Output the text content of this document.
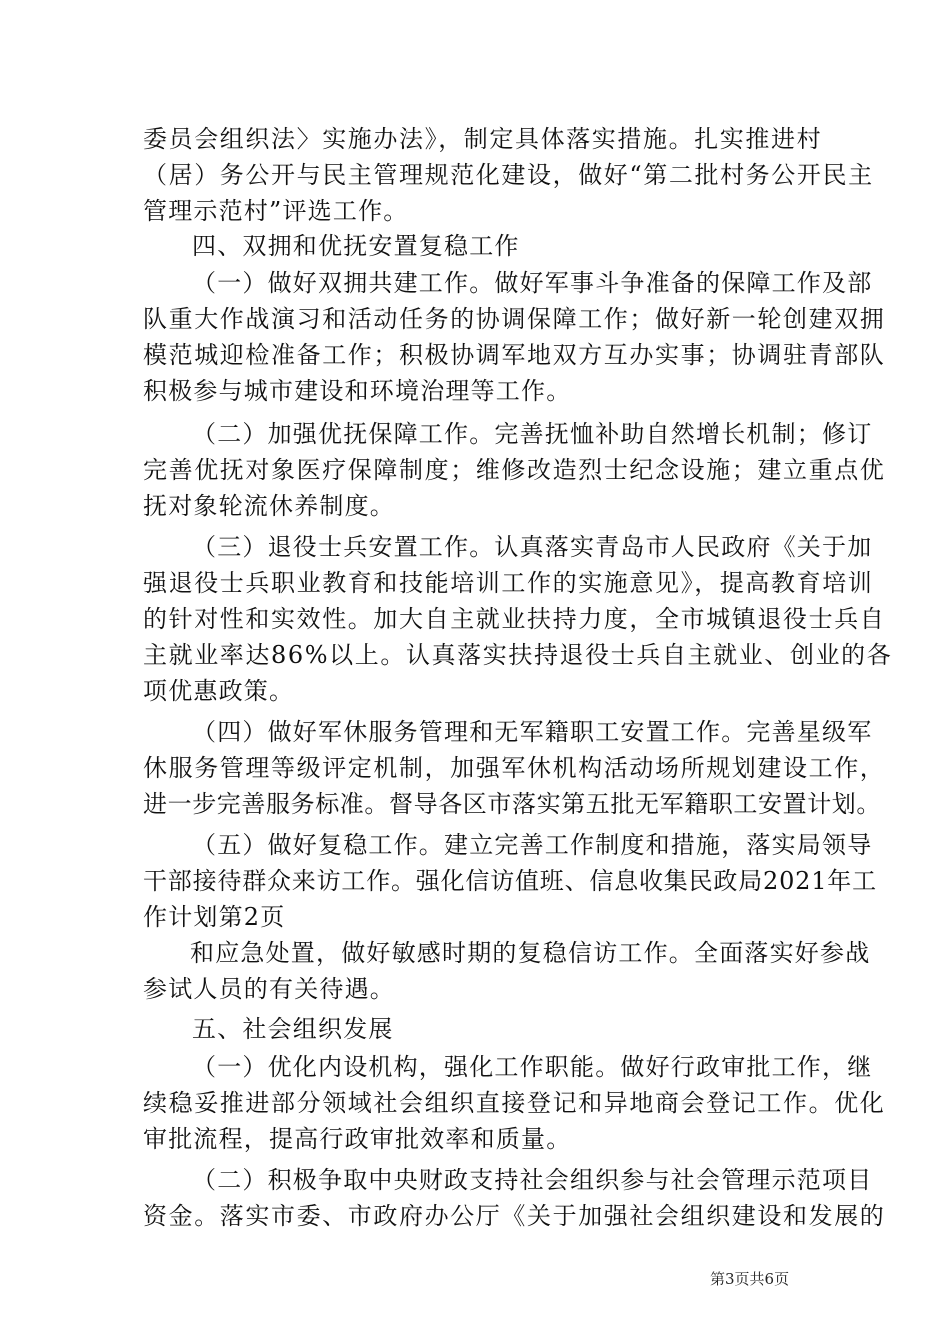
委员会组织法〉实施办法》，制定具体落实措施。扎实推进村
（居）务公开与民主管理规范化建设，做好“第二批村务公开民主
管理示范村”评选工作。
四、双拥和优抚安置复稳工作
（一）做好双拥共建工作。做好军事斗争准备的保障工作及部
队重大作战演习和活动任务的协调保障工作；做好新一轮创建双拥
模范城迎检准备工作；积极协调军地双方互办实事；协调驻青部队
积极参与城市建设和环境治理等工作。
（二）加强优抚保障工作。完善抚恤补助自然增长机制；修订
完善优抚对象医疗保障制度；维修改造烈士纪念设施；建立重点优
抚对象轮流休养制度。
（三）退役士兵安置工作。认真落实青岛市人民政府《关于加
强退役士兵职业教育和技能培训工作的实施意见》，提高教育培训
的针对性和实效性。加大自主就业扶持力度，全市城镇退役士兵自
主就业率达86%以上。认真落实扶持退役士兵自主就业、创业的各
项优惠政策。
（四）做好军休服务管理和无军籍职工安置工作。完善星级军
休服务管理等级评定机制，加强军休机构活动场所规划建设工作，
进一步完善服务标准。督导各区市落实第五批无军籍职工安置计划。
（五）做好复稳工作。建立完善工作制度和措施，落实局领导
干部接待群众来访工作。强化信访值班、信息收集民政局2021年工
作计划第2页
和应急处置，做好敏感时期的复稳信访工作。全面落实好参战
参试人员的有关待遇。
五、社会组织发展
（一）优化内设机构，强化工作职能。做好行政审批工作，继
续稳妥推进部分领域社会组织直接登记和异地商会登记工作。优化
审批流程，提高行政审批效率和质量。
（二）积极争取中央财政支持社会组织参与社会管理示范项目
资金。落实市委、市政府办公厅《关于加强社会组织建设和发展的
第3页共6页
